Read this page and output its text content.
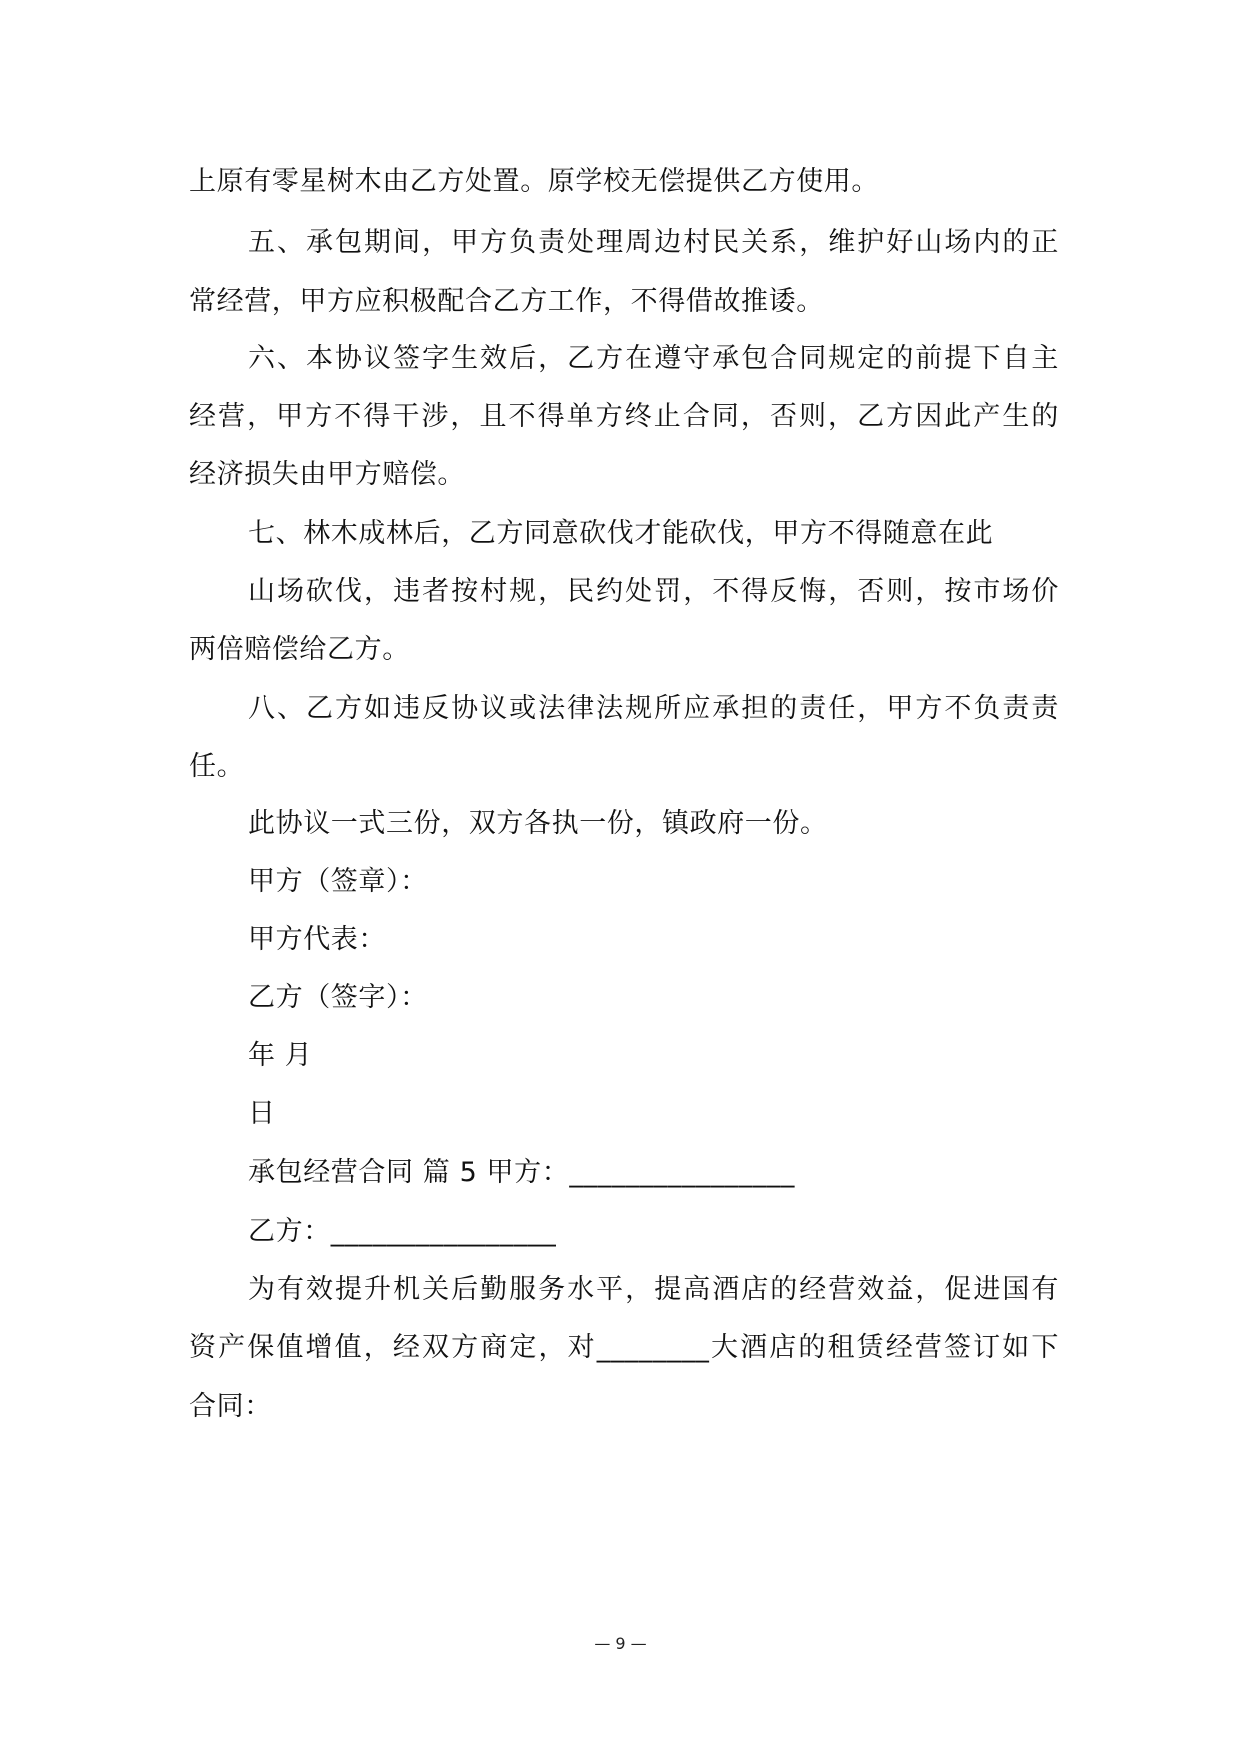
上原有零星树木由乙方处置。原学校无偿提供乙方使用。
五、承包期间，甲方负责处理周边村民关系，维护好山场内的正
常经营，甲方应积极配合乙方工作，不得借故推诿。
六、本协议签字生效后，乙方在遵守承包合同规定的前提下自主
经营，甲方不得干涉，且不得单方终止合同，否则，乙方因此产生的
经济损失由甲方赔偿。
七、林木成林后，乙方同意砍伐才能砍伐，甲方不得随意在此
山场砍伐，违者按村规，民约处罚，不得反悔，否则，按市场价
两倍赔偿给乙方。
八、乙方如违反协议或法律法规所应承担的责任，甲方不负责责
任。
此协议一式三份，双方各执一份，镇政府一份。
甲方（签章）：
甲方代表：
乙方（签字）：
年 月
日
承包经营合同 篇 5 甲方：________________
乙方：________________
为有效提升机关后勤服务水平，提高酒店的经营效益，促进国有
资产保值增值，经双方商定，对________大酒店的租赁经营签订如下
合同：
— 9 —
